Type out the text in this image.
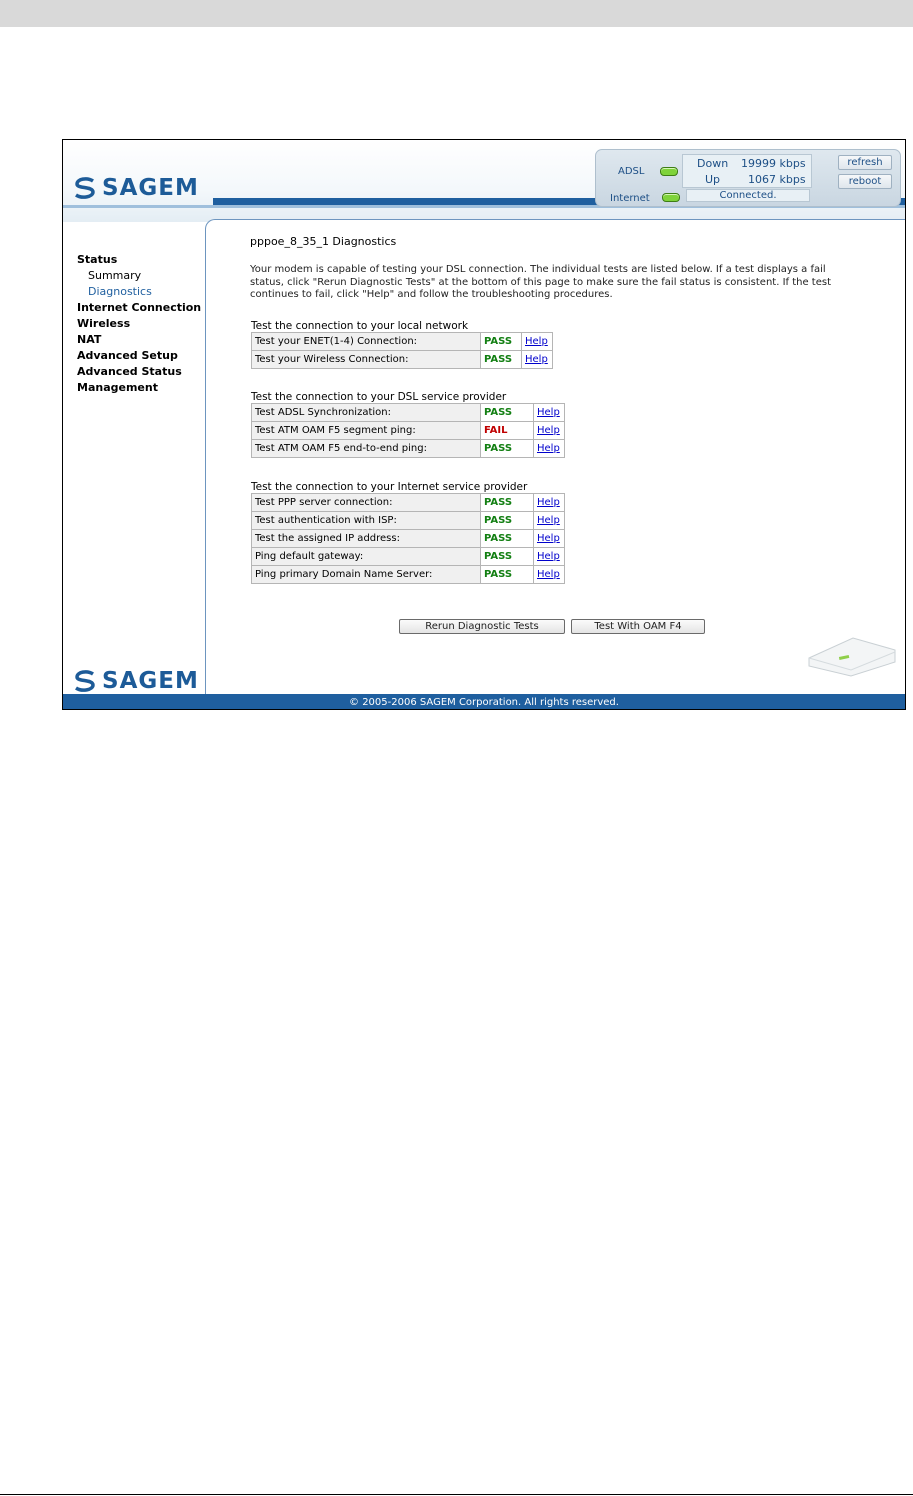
SAGEM
ADSL
Internet
Down 19999 kbps
Up	1067 kbps
Connected.
refresh
reboot
Status
Summary
Diagnostics
Internet Connection
Wireless
NAT
Advanced Setup
Advanced Status
Management
SAGEM
pppoe_8_35_1 Diagnostics
Your modem is capable of testing your DSL connection. The individual tests are listed below. If a test displays a fail status, click "Rerun Diagnostic Tests" at the bottom of this page to make sure the fail status is consistent. If the test continues to fail, click "Help" and follow the troubleshooting procedures.
Test the connection to your local network
Test your ENET(1-4) Connection:	PASS	Help
Test your Wireless Connection:	PASS	Help
Test the connection to your DSL service provider
Test ADSL Synchronization:	PASS	Help
Test ATM OAM F5 segment ping:	FAIL	Help
Test ATM OAM F5 end-to-end ping:	PASS	Help
Test the connection to your Internet service provider
Test PPP server connection:	PASS	Help
Test authentication with ISP:	PASS	Help
Test the assigned IP address:	PASS	Help
Ping default gateway:	PASS	Help
Ping primary Domain Name Server:	PASS	Help
Rerun Diagnostic Tests	Test With OAM F4
© 2005-2006 SAGEM Corporation. All rights reserved.
